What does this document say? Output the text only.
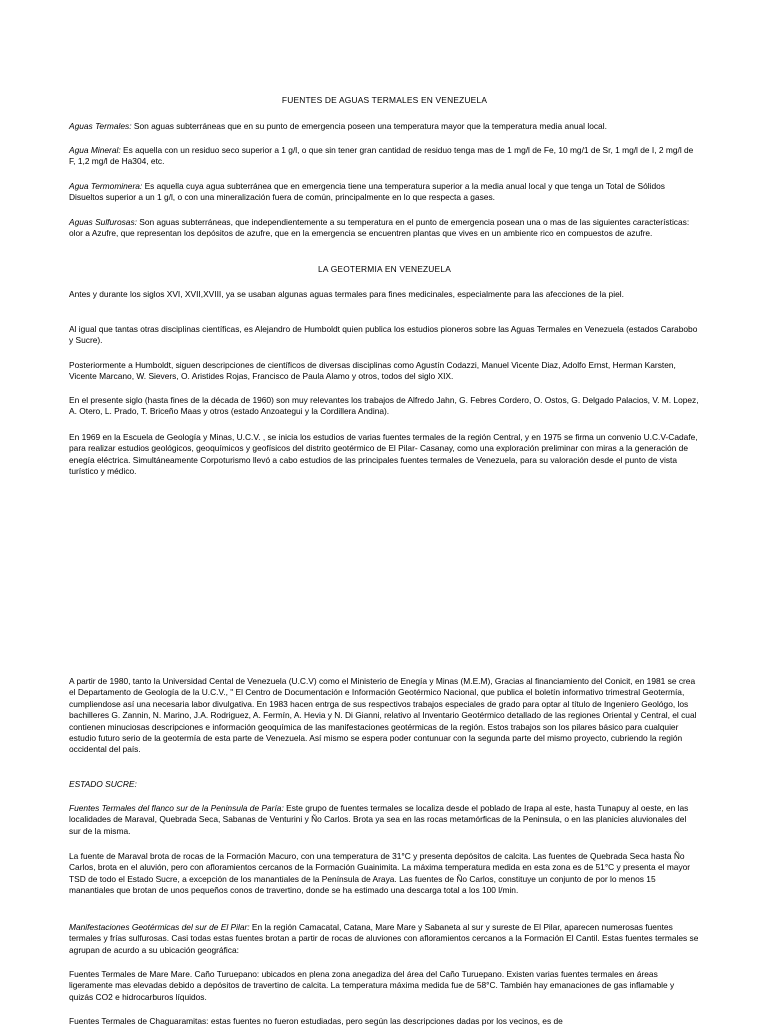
FUENTES DE AGUAS TERMALES EN VENEZUELA

Aguas Termales: Son aguas subterráneas que en su punto de emergencia poseen una temperatura mayor que la temperatura media anual local.

Agua Mineral: Es aquella con un residuo seco superior a 1 g/l, o que sin tener gran cantidad de residuo tenga mas de 1 mg/l de Fe, 10 mg/1 de Sr, 1 mg/l de I, 2 mg/l de F, 1,2 mg/l de Ha304, etc.

Agua Termominera: Es aquella cuya agua subterránea que en emergencia tiene una temperatura superior a la media anual local y que tenga un Total de Sólidos Disueltos superior a un 1 g/l, o con una mineralización fuera de común, principalmente en lo que respecta a gases.

Aguas Sulfurosas: Son aguas subterráneas, que independientemente a su temperatura en el punto de emergencia posean una o mas de las siguientes características: olor a Azufre, que representan los depósitos de azufre, que en la emergencia se encuentren plantas que vives en un ambiente rico en compuestos de azufre.

LA GEOTERMIA EN VENEZUELA

Antes y durante los siglos XVI, XVII,XVIII, ya se usaban algunas aguas termales para fines medicinales, especialmente para las afecciones de la piel.

Al igual que tantas otras disciplinas científicas, es Alejandro de Humboldt quien publica los estudios pioneros sobre las Aguas Termales en Venezuela (estados Carabobo y Sucre).

Posteriormente a Humboldt, siguen descripciones de científicos de diversas disciplinas como Agustín Codazzi, Manuel Vicente Diaz, Adolfo Ernst, Herman Karsten, Vicente Marcano, W. Sievers, O. Aristides Rojas, Francisco de Paula Alamo y otros, todos del siglo XIX.

En el presente siglo (hasta fines de la década de 1960) son muy relevantes los trabajos de Alfredo Jahn, G. Febres Cordero, O. Ostos, G. Delgado Palacios, V. M. Lopez, A. Otero, L. Prado, T. Briceño Maas y otros (estado Anzoategui y la Cordillera Andina).

En 1969 en la Escuela de Geología y Minas, U.C.V. , se inicia los estudios de varias fuentes termales de la región Central, y en 1975 se firma un convenio U.C.V-Cadafe, para realizar estudios geológicos, geoquímicos y geofísicos del distrito geotérmico de El Pilar- Casanay, como una exploración preliminar con miras a la generación de enegía eléctrica. Simultáneamente Corpoturismo llevó a cabo estudios de las principales fuentes termales de Venezuela, para su valoración desde el punto de vista turístico y médico.

A partir de 1980, tanto la Universidad Cental de Venezuela (U.C.V) como el Ministerio de Enegía y Minas (M.E.M), Gracias al financiamiento del Conicit, en 1981 se crea el Departamento de Geología de la U.C.V., " El Centro de Documentación e Información Geotérmico Nacional, que publica el boletín informativo trimestral Geotermía, cumpliendose así una necesaria labor divulgativa. En 1983 hacen entrga de sus respectivos trabajos especiales de grado para optar al título de Ingeniero Geológo, los bachilleres G. Zannin, N. Marino, J.A. Rodriguez, A. Fermín, A. Hevia y N. Di Gianni, relativo al Inventario Geotérmico detallado de las regiones Oriental y Central, el cual contienen minuciosas descripciones e información geoquímica de las manifestaciones geotérmicas de la región. Estos trabajos son los pilares básico para cualquier estudio futuro serio de la geotermía de esta parte de Venezuela. Así mismo se espera poder contunuar con la segunda parte del mismo proyecto, cubriendo la región occidental del país.

ESTADO SUCRE:

Fuentes Termales del flanco sur de la Peninsula de Paría: Este grupo de fuentes termales se localiza desde el poblado de Irapa al este, hasta Tunapuy al oeste, en las localidades de Maraval, Quebrada Seca, Sabanas de Venturini y Ño Carlos. Brota ya sea en las rocas metamórficas de la Peninsula, o en las planicies aluvionales del sur de la misma.

La fuente de Maraval brota de rocas de la Formación Macuro, con una temperatura de 31°C y presenta depósitos de calcita. Las fuentes de Quebrada Seca hasta Ño Carlos, brota en el aluvión, pero con afloramientos cercanos de la Formación Guainimita. La máxima temperatura medida en esta zona es de 51°C y presenta el mayor TSD de todo el Estado Sucre, a excepción de los manantiales de la Península de Araya. Las fuentes de Ño Carlos, constituye un conjunto de por lo menos 15 manantiales que brotan de unos pequeños conos de travertino, donde se ha estimado una descarga total a los 100 l/min.

Manifestaciones Geotérmicas del sur de El Pilar: En la región Camacatal, Catana, Mare Mare y Sabaneta al sur y sureste de El Pilar, aparecen numerosas fuentes termales y frías sulfurosas. Casi todas estas fuentes brotan a partir de rocas de aluviones con afloramientos cercanos a la Formación El Cantil. Estas fuentes termales se agrupan de acurdo a su ubicación geográfica:

Fuentes Termales de Mare Mare. Caño Turuepano: ubicados en plena zona anegadiza del área del Caño Turuepano. Existen varias fuentes termales en áreas ligeramente mas elevadas debido a depósitos de travertino de calcita. La temperatura máxima medida fue de 58°C. También hay emanaciones de gas inflamable y quizás CO2 e hidrocarburos líquidos.

Fuentes Termales de Chaguaramitas: estas fuentes no fueron estudiadas, pero según las descripciones dadas por los vecinos, es de
